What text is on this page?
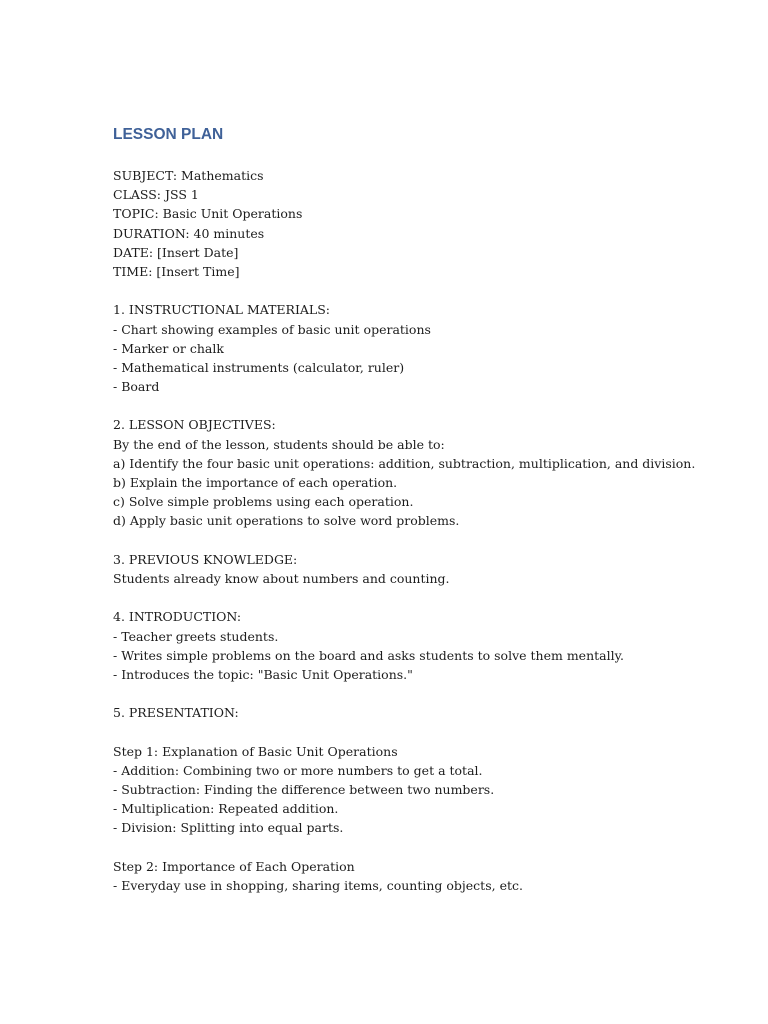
LESSON PLAN
SUBJECT: Mathematics
CLASS: JSS 1
TOPIC: Basic Unit Operations
DURATION: 40 minutes
DATE: [Insert Date]
TIME: [Insert Time]
1. INSTRUCTIONAL MATERIALS:
- Chart showing examples of basic unit operations
- Marker or chalk
- Mathematical instruments (calculator, ruler)
- Board
2. LESSON OBJECTIVES:
By the end of the lesson, students should be able to:
a) Identify the four basic unit operations: addition, subtraction, multiplication, and division.
b) Explain the importance of each operation.
c) Solve simple problems using each operation.
d) Apply basic unit operations to solve word problems.
3. PREVIOUS KNOWLEDGE:
Students already know about numbers and counting.
4. INTRODUCTION:
- Teacher greets students.
- Writes simple problems on the board and asks students to solve them mentally.
- Introduces the topic: "Basic Unit Operations."
5. PRESENTATION:
Step 1: Explanation of Basic Unit Operations
- Addition: Combining two or more numbers to get a total.
- Subtraction: Finding the difference between two numbers.
- Multiplication: Repeated addition.
- Division: Splitting into equal parts.
Step 2: Importance of Each Operation
- Everyday use in shopping, sharing items, counting objects, etc.
